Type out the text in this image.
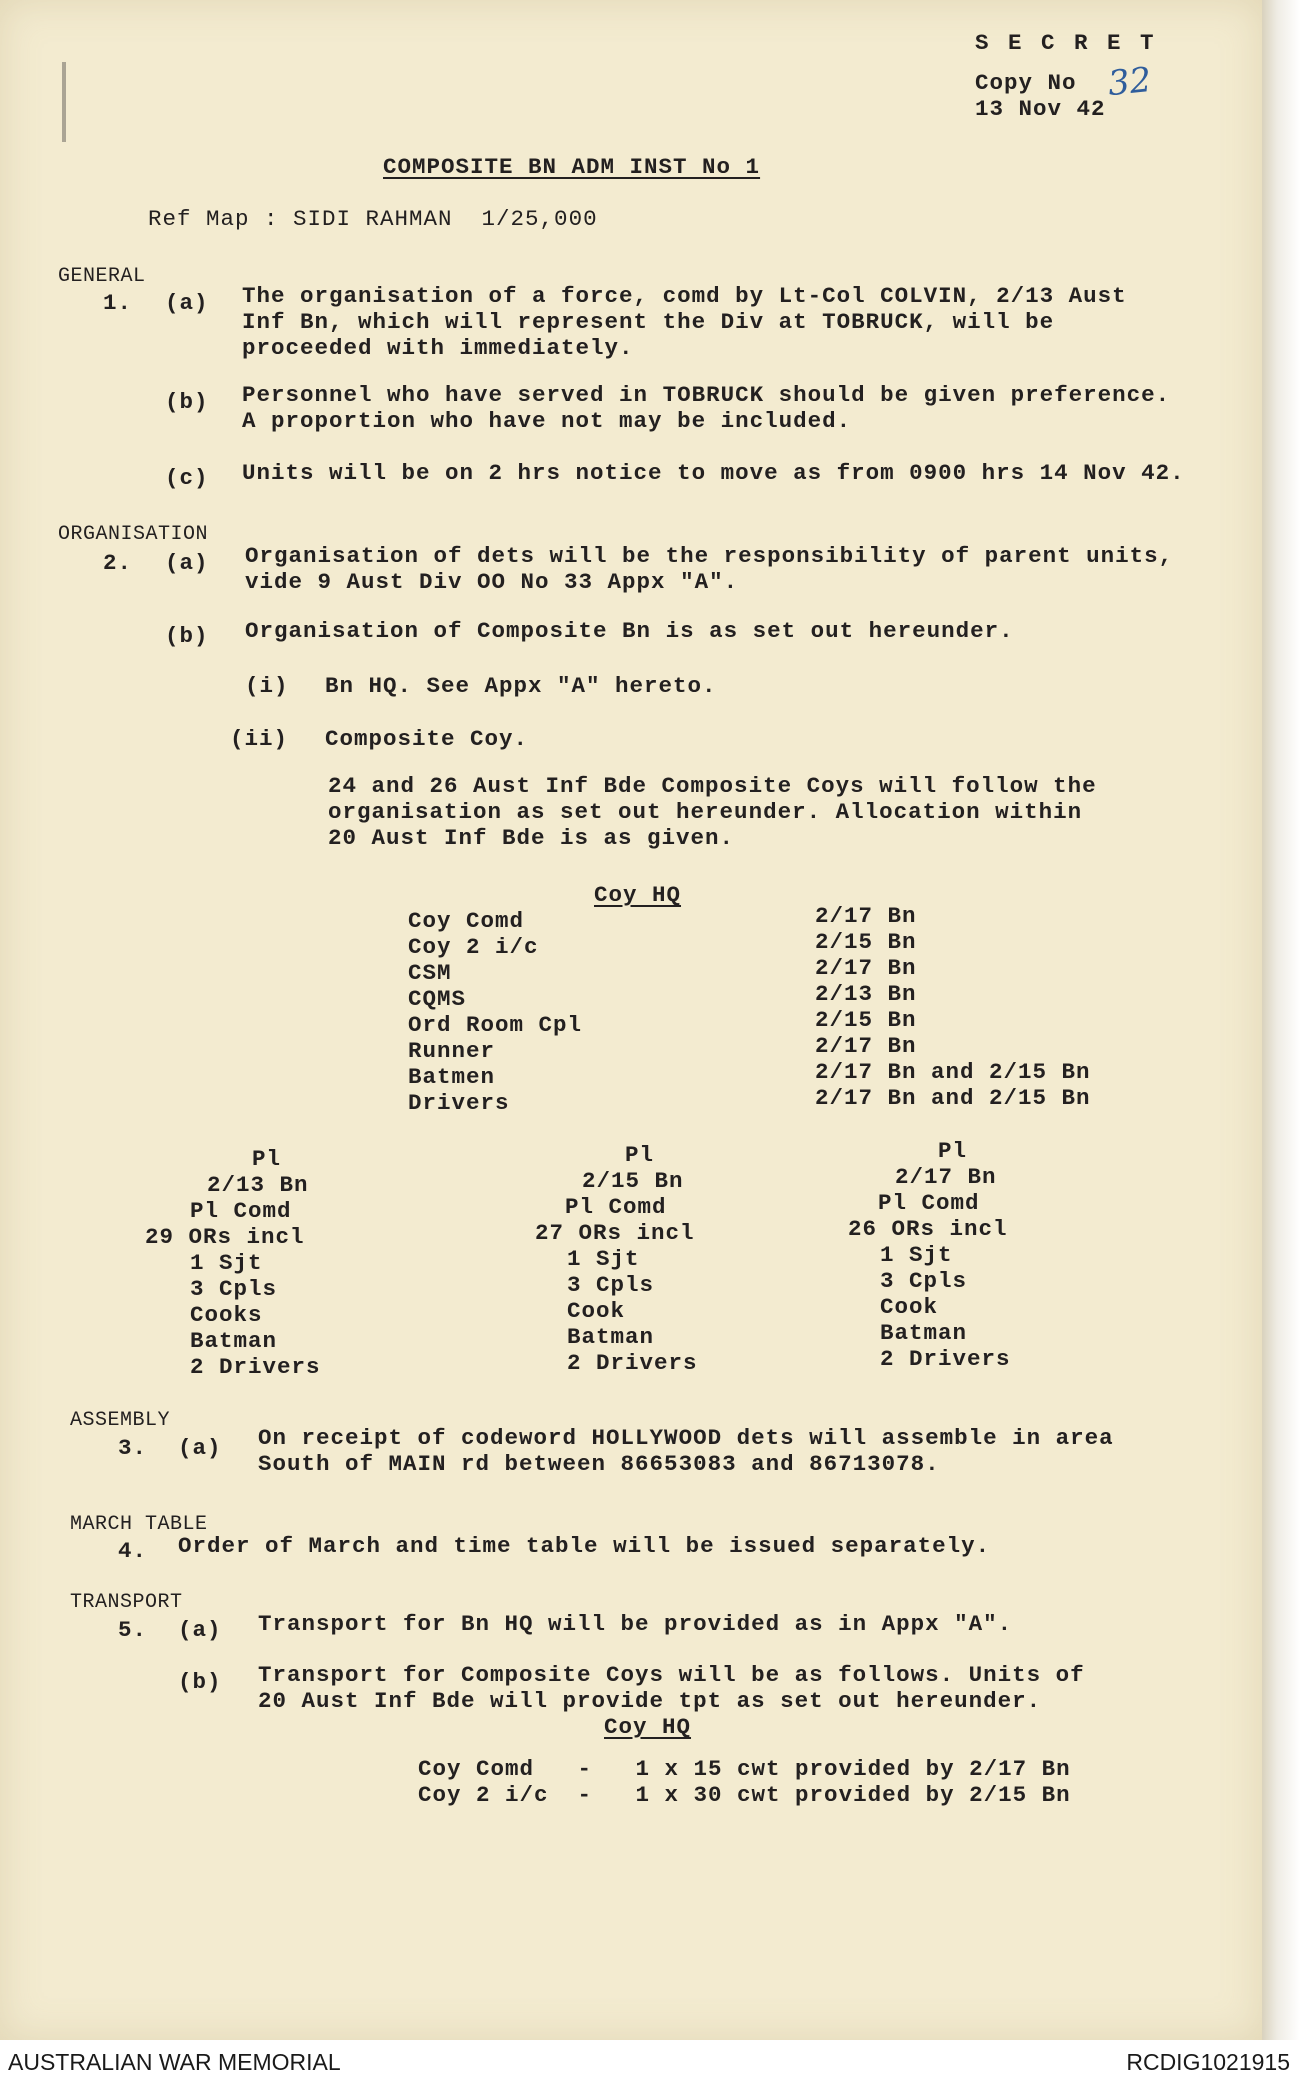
S E C R E T
Copy No 32
13 Nov 42
COMPOSITE BN ADM INST No 1
Ref Map : SIDI RAHMAN  1/25,000
GENERAL
1. (a) The organisation of a force, comd by Lt-Col COLVIN, 2/13 Aust
Inf Bn, which will represent the Div at TOBRUCK, will be
proceeded with immediately.
(b) Personnel who have served in TOBRUCK should be given preference.
A proportion who have not may be included.
(c) Units will be on 2 hrs notice to move as from 0900 hrs 14 Nov 42.
ORGANISATION
2. (a) Organisation of dets will be the responsibility of parent units,
vide 9 Aust Div OO No 33 Appx "A".
(b) Organisation of Composite Bn is as set out hereunder.
(i) Bn HQ. See Appx "A" hereto.
(ii) Composite Coy.
24 and 26 Aust Inf Bde Composite Coys will follow the
organisation as set out hereunder. Allocation within
20 Aust Inf Bde is as given.
Coy HQ
Coy Comd	2/17 Bn
Coy 2 i/c	2/15 Bn
CSM	2/17 Bn
CQMS	2/13 Bn
Ord Room Cpl	2/15 Bn
Runner	2/17 Bn
Batmen	2/17 Bn and 2/15 Bn
Drivers	2/17 Bn and 2/15 Bn
Pl
2/13 Bn
Pl Comd
29 ORs incl
1 Sjt
3 Cpls
Cooks
Batman
2 Drivers
Pl
2/15 Bn
Pl Comd
27 ORs incl
1 Sjt
3 Cpls
Cook
Batman
2 Drivers
Pl
2/17 Bn
Pl Comd
26 ORs incl
1 Sjt
3 Cpls
Cook
Batman
2 Drivers
ASSEMBLY
3. (a) On receipt of codeword HOLLYWOOD dets will assemble in area
South of MAIN rd between 86653083 and 86713078.
MARCH TABLE
4. Order of March and time table will be issued separately.
TRANSPORT
5. (a) Transport for Bn HQ will be provided as in Appx "A".
(b) Transport for Composite Coys will be as follows. Units of
20 Aust Inf Bde will provide tpt as set out hereunder.
Coy HQ
Coy Comd   -   1 x 15 cwt provided by 2/17 Bn
Coy 2 i/c  -   1 x 30 cwt provided by 2/15 Bn
AUSTRALIAN WAR MEMORIAL	RCDIG1021915
